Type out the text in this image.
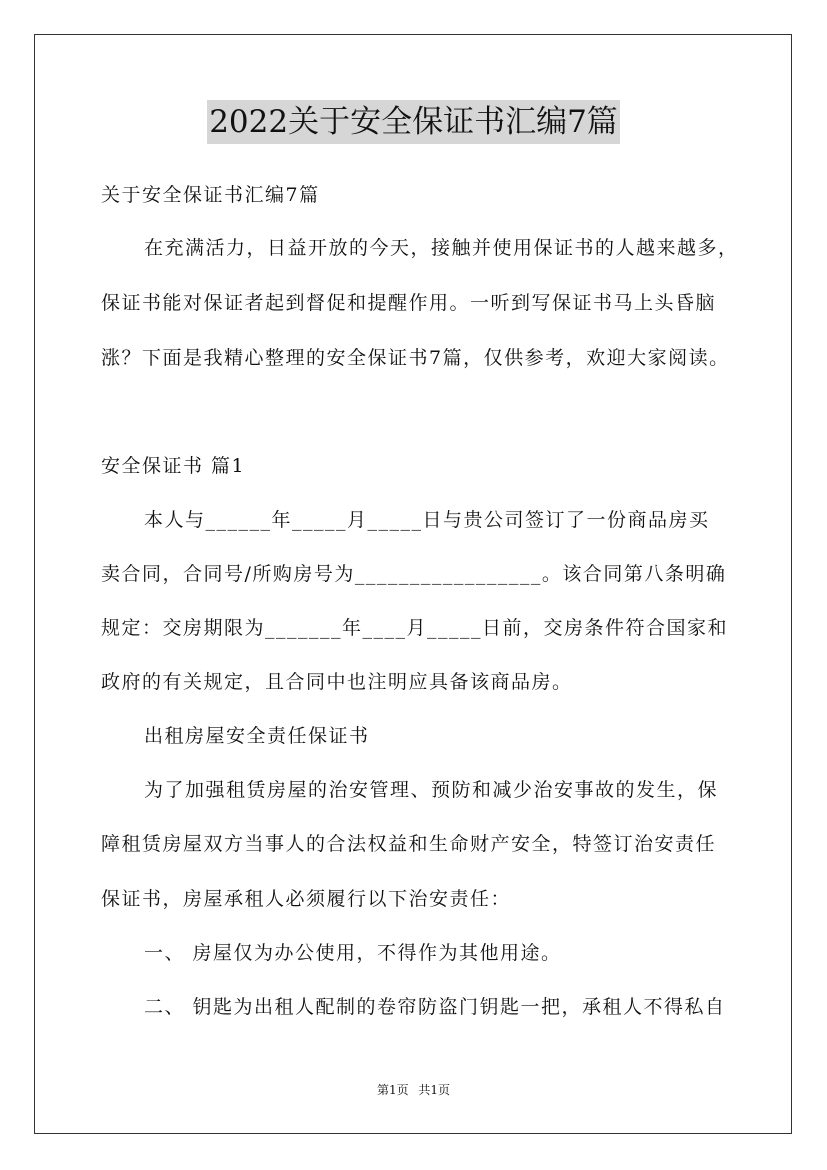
2022关于安全保证书汇编7篇
关于安全保证书汇编7篇
在充满活力，日益开放的今天，接触并使用保证书的人越来越多，
保证书能对保证者起到督促和提醒作用。一听到写保证书马上头昏脑
涨？下面是我精心整理的安全保证书7篇，仅供参考，欢迎大家阅读。
安全保证书 篇1
本人与______年_____月_____日与贵公司签订了一份商品房买
卖合同，合同号/所购房号为_________________。该合同第八条明确
规定：交房期限为_______年____月_____日前，交房条件符合国家和
政府的有关规定，且合同中也注明应具备该商品房。
出租房屋安全责任保证书
为了加强租赁房屋的治安管理、预防和减少治安事故的发生，保
障租赁房屋双方当事人的合法权益和生命财产安全，特签订治安责任
保证书，房屋承租人必须履行以下治安责任：
一、 房屋仅为办公使用，不得作为其他用途。
二、 钥匙为出租人配制的卷帘防盗门钥匙一把，承租人不得私自
第1页 共1页
